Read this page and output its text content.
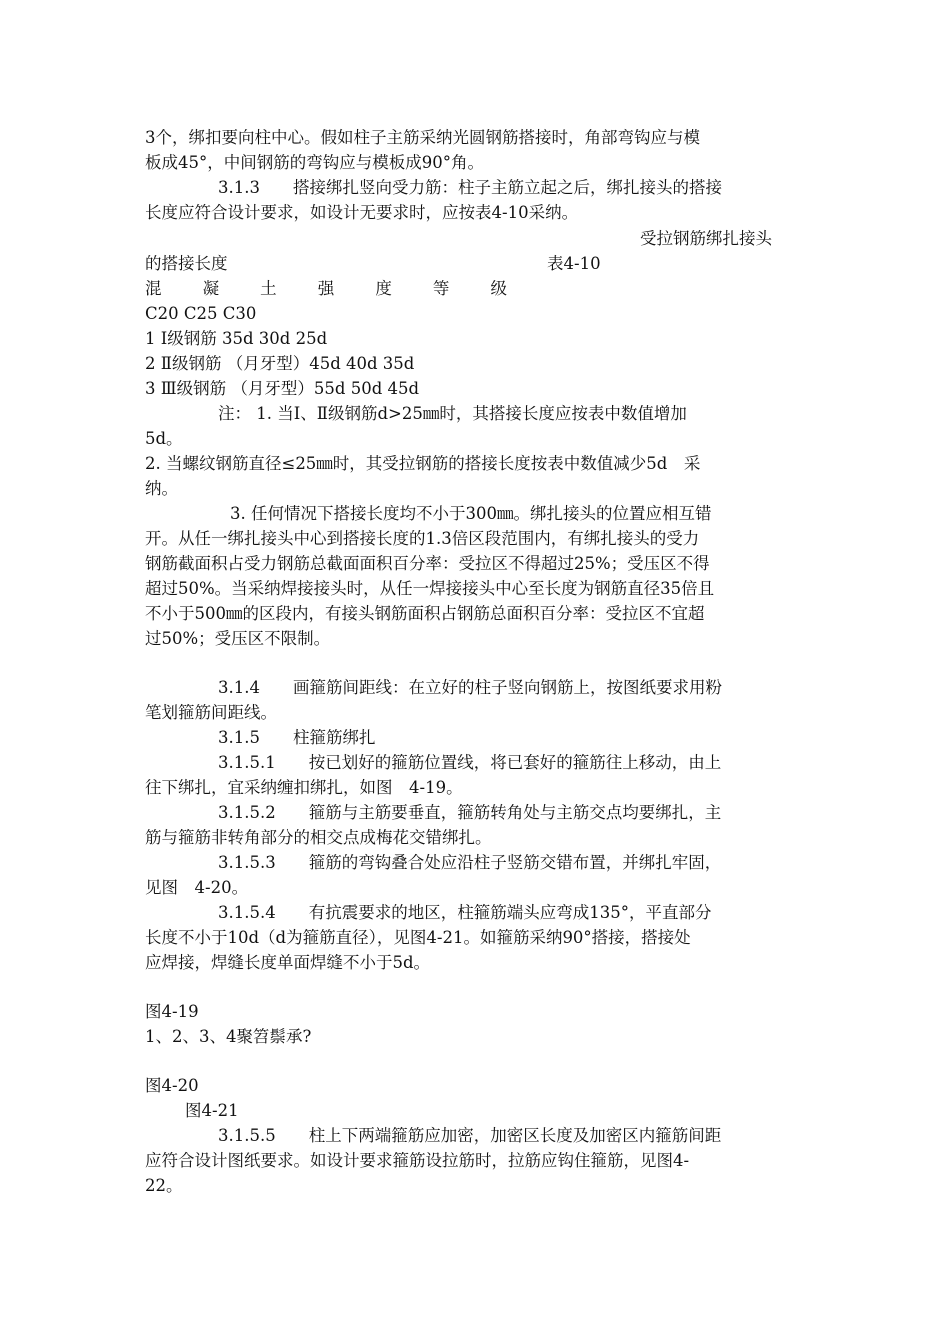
3个，绑扣要向柱中心。假如柱子主筋采纳光圆钢筋搭接时，角部弯钩应与模
板成45°，中间钢筋的弯钩应与模板成90°角。
3.1.3　　搭接绑扎竖向受力筋：柱子主筋立起之后，绑扎接头的搭接
长度应符合设计要求，如设计无要求时，应按表4-10采纳。
受拉钢筋绑扎接头
的搭接长度	表4-10
混 凝 土 强 度 等 级
C20 C25 C30
1 Ⅰ级钢筋 35d 30d 25d
2 Ⅱ级钢筋 （月牙型）45d 40d 35d
3 Ⅲ级钢筋 （月牙型）55d 50d 45d
注： 1. 当Ⅰ、Ⅱ级钢筋d>25㎜时，其搭接长度应按表中数值增加
5d。
2. 当螺纹钢筋直径≤25㎜时，其受拉钢筋的搭接长度按表中数值减少5d　采
纳。
3. 任何情况下搭接长度均不小于300㎜。绑扎接头的位置应相互错
开。从任一绑扎接头中心到搭接长度的1.3倍区段范围内，有绑扎接头的受力
钢筋截面积占受力钢筋总截面面积百分率：受拉区不得超过25%；受压区不得
超过50%。当采纳焊接接头时，从任一焊接接头中心至长度为钢筋直径35倍且
不小于500㎜的区段内，有接头钢筋面积占钢筋总面积百分率：受拉区不宜超
过50%；受压区不限制。
3.1.4　　画箍筋间距线：在立好的柱子竖向钢筋上，按图纸要求用粉
笔划箍筋间距线。
3.1.5　　柱箍筋绑扎
3.1.5.1　　按已划好的箍筋位置线，将已套好的箍筋往上移动，由上
往下绑扎，宜采纳缠扣绑扎，如图　4-19。
3.1.5.2　　箍筋与主筋要垂直，箍筋转角处与主筋交点均要绑扎，主
筋与箍筋非转角部分的相交点成梅花交错绑扎。
3.1.5.3　　箍筋的弯钩叠合处应沿柱子竖筋交错布置，并绑扎牢固，
见图　4-20。
3.1.5.4　　有抗震要求的地区，柱箍筋端头应弯成135°，平直部分
长度不小于10d（d为箍筋直径），见图4-21。如箍筋采纳90°搭接，搭接处
应焊接，焊缝长度单面焊缝不小于5d。
图4-19
1、2、3、4聚笤鬃承?
图4-20
图4-21
3.1.5.5　　柱上下两端箍筋应加密，加密区长度及加密区内箍筋间距
应符合设计图纸要求。如设计要求箍筋设拉筋时，拉筋应钩住箍筋，见图4-
22。
